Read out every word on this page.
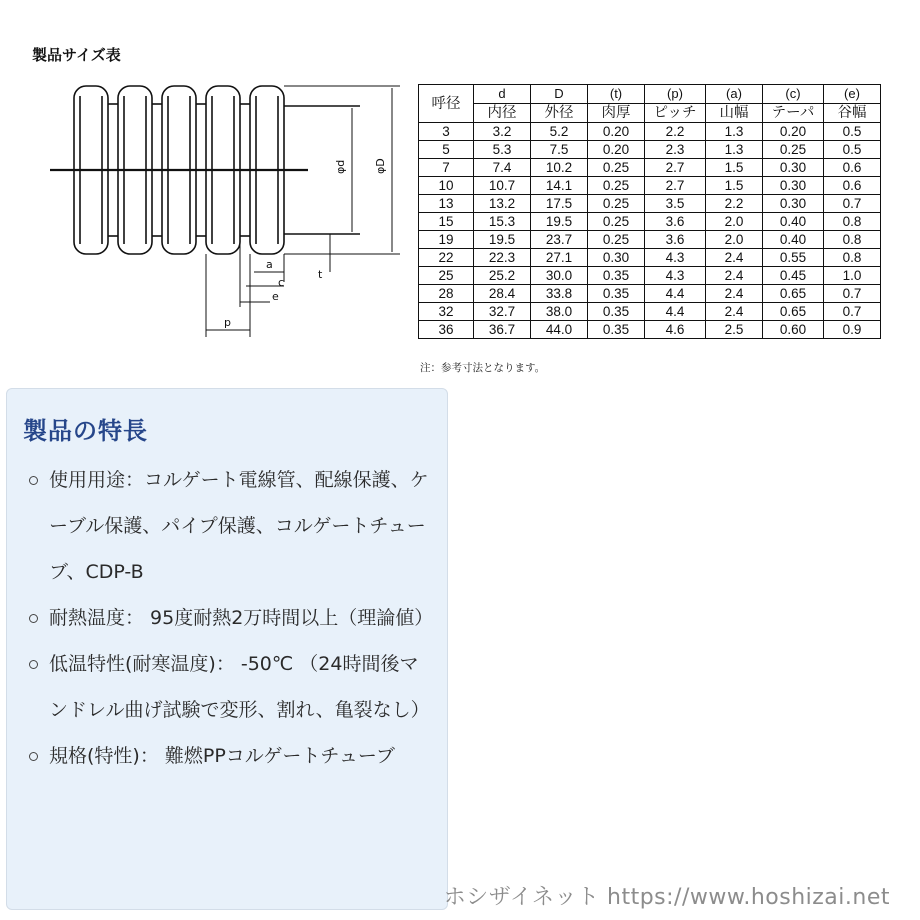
製品サイズ表
φd φD
a
c
e
p
t
呼径	d	D	(t)	(p)	(a)	(c)	(e)
	内径	外径	肉厚	ピッチ	山幅	テーパ	谷幅
3	3.2	5.2	0.20	2.2	1.3	0.20	0.5
5	5.3	7.5	0.20	2.3	1.3	0.25	0.5
7	7.4	10.2	0.25	2.7	1.5	0.30	0.6
10	10.7	14.1	0.25	2.7	1.5	0.30	0.6
13	13.2	17.5	0.25	3.5	2.2	0.30	0.7
15	15.3	19.5	0.25	3.6	2.0	0.40	0.8
19	19.5	23.7	0.25	3.6	2.0	0.40	0.8
22	22.3	27.1	0.30	4.3	2.4	0.55	0.8
25	25.2	30.0	0.35	4.3	2.4	0.45	1.0
28	28.4	33.8	0.35	4.4	2.4	0.65	0.7
32	32.7	38.0	0.35	4.4	2.4	0.65	0.7
36	36.7	44.0	0.35	4.6	2.5	0.60	0.9
注：参考寸法となります。
製品の特長
使用用途：コルゲート電線管、配線保護、ケーブル保護、パイプ保護、コルゲートチューブ、CDP-B
耐熱温度： 95度耐熱2万時間以上（理論値）
低温特性(耐寒温度)： -50℃ （24時間後マンドレル曲げ試験で変形、割れ、亀裂なし）
規格(特性)： 難燃PPコルゲートチューブ
ホシザイネット https://www.hoshizai.net
